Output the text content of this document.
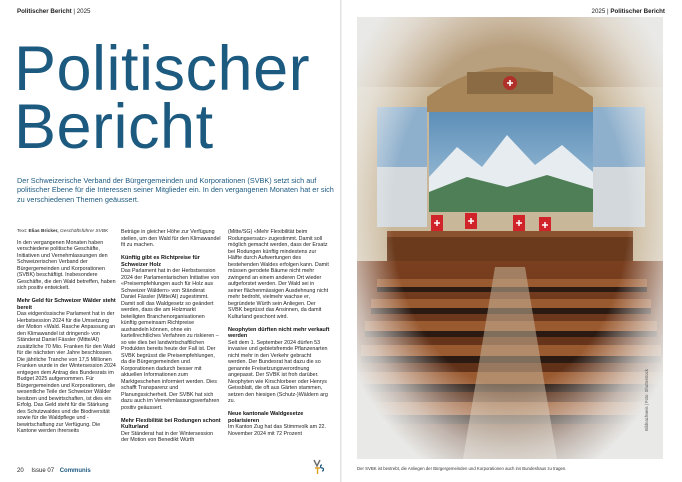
Politischer Bericht | 2025
Politischer
Bericht

Der Schweizerische Verband der Bürgergemeinden und Korporationen (SVBK) setzt sich auf politischer Ebene für die Interessen seiner Mitglieder ein. In den vergangenen Monaten hat er sich zu verschiedenen Themen geäussert.

Text: Elias Bricker, Geschäftsführer SVBK

In den vergangenen Monaten haben verschiedene politische Geschäfte, Initiativen und Vernehmlassungen den Schweizerischen Verband der Bürgergemeinden und Korporationen (SVBK) beschäftigt. Insbesondere Geschäfte, die den Wald betreffen, haben sich positiv entwickelt.

Mehr Geld für Schweizer Wälder steht bereit

Das eidgenössische Parlament hat in der Herbstsession 2024 für die Umsetzung der Motion «Wald. Rasche Anpassung an den Klimawandel ist dringend» von Ständerat Daniel Fässler (Mitte/AI) zusätzliche 70 Mio. Franken für den Wald für die nächsten vier Jahre beschlossen. Die jährliche Tranche von 17,5 Millionen Franken wurde in der Wintersession 2024 entgegen dem Antrag des Bundesrats im Budget 2025 aufgenommen. Für Bürgergemeinden und Korporationen, die wesentliche Teile der Schweizer Wälder besitzen und bewirtschaften, ist dies ein Erfolg. Das Geld steht für die Stärkung des Schutzwaldes und die Biodiversität sowie für die Waldpflege und -bewirtschaftung zur Verfügung. Die Kantone werden ihrerseits

Beträge in gleicher Höhe zur Verfügung stellen, um den Wald für den Klimawandel fit zu machen.

Künftig gibt es Richtpreise für Schweizer Holz

Das Parlament hat in der Herbstsession 2024 der Parlamentarischen Initiative von «Preisempfehlungen auch für Holz aus Schweizer Wäldern» von Ständerat Daniel Fässler (Mitte/AI) zugestimmt. Damit soll das Waldgesetz so geändert werden, dass die am Holzmarkt beteiligten Branchenorganisationen künftig gemeinsam Richtpreise aushandeln können, ohne ein kartellrechtliches Verfahren zu riskieren – so wie dies bei landwirtschaftlichen Produkten bereits heute der Fall ist. Der SVBK begrüsst die Preisempfehlungen, da die Bürgergemeinden und Korporationen dadurch besser mit aktuellen Informationen zum Marktgeschehen informiert werden. Dies schafft Transparenz und Planungssicherheit. Der SVBK hat sich dazu auch im Vernehmlassungsverfahren positiv geäussert.

Mehr Flexibilität bei Rodungen schont Kulturland

Der Ständerat hat in der Wintersession der Motion von Benedikt Würth

(Mitte/SG) «Mehr Flexibilität beim Rodungsersatz» zugestimmt. Damit soll möglich gemacht werden, dass der Ersatz bei Rodungen künftig mindestens zur Hälfte durch Aufwertungen des bestehenden Waldes erfolgen kann. Damit müssen gerodete Bäume nicht mehr zwingend an einem anderen Ort wieder aufgeforstet werden. Der Wald sei in seiner flächenmässigen Ausdehnung nicht mehr bedroht, vielmehr wachse er, begründete Würth sein Anliegen. Der SVBK begrüsst das Ansinnen, da damit Kulturland geschont wird.

Neophyten dürften nicht mehr verkauft werden

Seit dem 1. September 2024 dürfen 53 invasive und gebietsfremde Pflanzenarten nicht mehr in den Verkehr gebracht werden. Der Bundesrat hat dazu die so genannte Freisetzungsverordnung angepasst. Der SVBK ist froh darüber. Neophyten wie Kirschlorbeer oder Henrys Geissblatt, die oft aus Gärten stammen, setzen den hiesigen (Schutz-)Wäldern arg zu.

Neue kantonale Waldgesetze polarisieren

Im Kanton Zug hat das Stimmvolk am 22. November 2024 mit 72 Prozent

20 Issue 07 Communis
2025 | Politischer Bericht
Bildnachweis | Foto: Shutterstock
Der SVBK ist bestrebt, die Anliegen der Bürgergemeinden und Korporationen auch ins Bundeshaus zu tragen.
